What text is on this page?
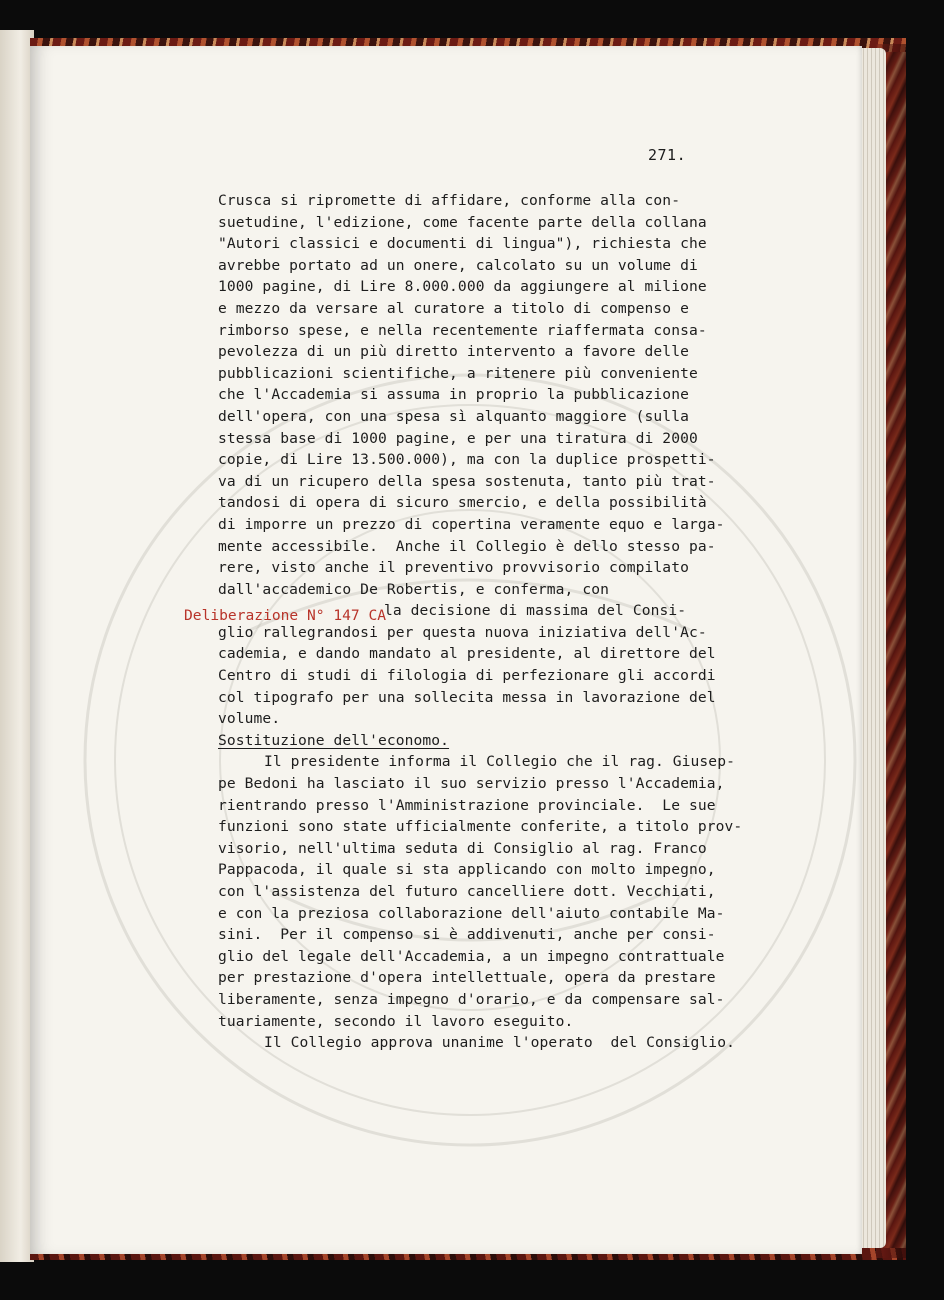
271.
Deliberazione N° 147 CA
Crusca si ripromette di affidare, conforme alla con-
suetudine, l'edizione, come facente parte della collana
"Autori classici e documenti di lingua"), richiesta che
avrebbe portato ad un onere, calcolato su un volume di
1000 pagine, di Lire 8.000.000 da aggiungere al milione
e mezzo da versare al curatore a titolo di compenso e
rimborso spese, e nella recentemente riaffermata consa-
pevolezza di un più diretto intervento a favore delle
pubblicazioni scientifiche, a ritenere più conveniente
che l'Accademia si assuma in proprio la pubblicazione
dell'opera, con una spesa sì alquanto maggiore (sulla
stessa base di 1000 pagine, e per una tiratura di 2000
copie, di Lire 13.500.000), ma con la duplice prospetti-
va di un ricupero della spesa sostenuta, tanto più trat-
tandosi di opera di sicuro smercio, e della possibilità
di imporre un prezzo di copertina veramente equo e larga-
mente accessibile.  Anche il Collegio è dello stesso pa-
rere, visto anche il preventivo provvisorio compilato
dall'accademico De Robertis, e conferma, con
la decisione di massima del Consi-
glio rallegrandosi per questa nuova iniziativa dell'Ac-
cademia, e dando mandato al presidente, al direttore del
Centro di studi di filologia di perfezionare gli accordi
col tipografo per una sollecita messa in lavorazione del
volume.
Sostituzione dell'economo.
Il presidente informa il Collegio che il rag. Giusep-
pe Bedoni ha lasciato il suo servizio presso l'Accademia,
rientrando presso l'Amministrazione provinciale.  Le sue
funzioni sono state ufficialmente conferite, a titolo prov-
visorio, nell'ultima seduta di Consiglio al rag. Franco
Pappacoda, il quale si sta applicando con molto impegno,
con l'assistenza del futuro cancelliere dott. Vecchiati,
e con la preziosa collaborazione dell'aiuto contabile Ma-
sini.  Per il compenso si è addivenuti, anche per consi-
glio del legale dell'Accademia, a un impegno contrattuale
per prestazione d'opera intellettuale, opera da prestare
liberamente, senza impegno d'orario, e da compensare sal-
tuariamente, secondo il lavoro eseguito.
Il Collegio approva unanime l'operato  del Consiglio.
